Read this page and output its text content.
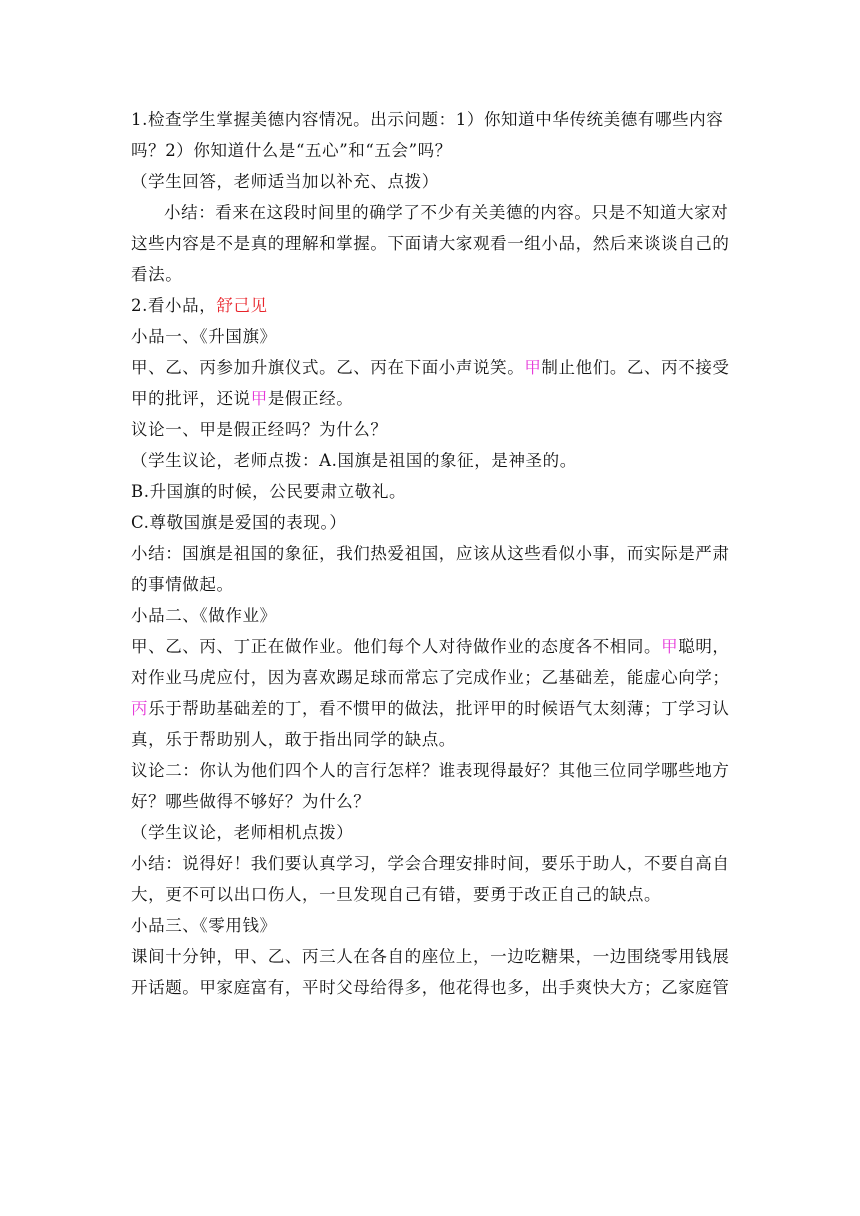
1.检查学生掌握美德内容情况。出示问题：1）你知道中华传统美德有哪些内容
吗？2）你知道什么是“五心”和“五会”吗？
（学生回答，老师适当加以补充、点拨）
小结：看来在这段时间里的确学了不少有关美德的内容。只是不知道大家对
这些内容是不是真的理解和掌握。下面请大家观看一组小品，然后来谈谈自己的
看法。
2.看小品，舒己见
小品一、《升国旗》
甲、乙、丙参加升旗仪式。乙、丙在下面小声说笑。甲制止他们。乙、丙不接受
甲的批评，还说甲是假正经。
议论一、甲是假正经吗？为什么？
（学生议论，老师点拨：A.国旗是祖国的象征，是神圣的。
B.升国旗的时候，公民要肃立敬礼。
C.尊敬国旗是爱国的表现。）
小结：国旗是祖国的象征，我们热爱祖国，应该从这些看似小事，而实际是严肃
的事情做起。
小品二、《做作业》
甲、乙、丙、丁正在做作业。他们每个人对待做作业的态度各不相同。甲聪明，
对作业马虎应付，因为喜欢踢足球而常忘了完成作业；乙基础差，能虚心向学；
丙乐于帮助基础差的丁，看不惯甲的做法，批评甲的时候语气太刻薄；丁学习认
真，乐于帮助别人，敢于指出同学的缺点。
议论二：你认为他们四个人的言行怎样？谁表现得最好？其他三位同学哪些地方
好？哪些做得不够好？为什么？
（学生议论，老师相机点拨）
小结：说得好！我们要认真学习，学会合理安排时间，要乐于助人，不要自高自
大，更不可以出口伤人，一旦发现自己有错，要勇于改正自己的缺点。
小品三、《零用钱》
课间十分钟，甲、乙、丙三人在各自的座位上，一边吃糖果，一边围绕零用钱展
开话题。甲家庭富有，平时父母给得多，他花得也多，出手爽快大方；乙家庭管
